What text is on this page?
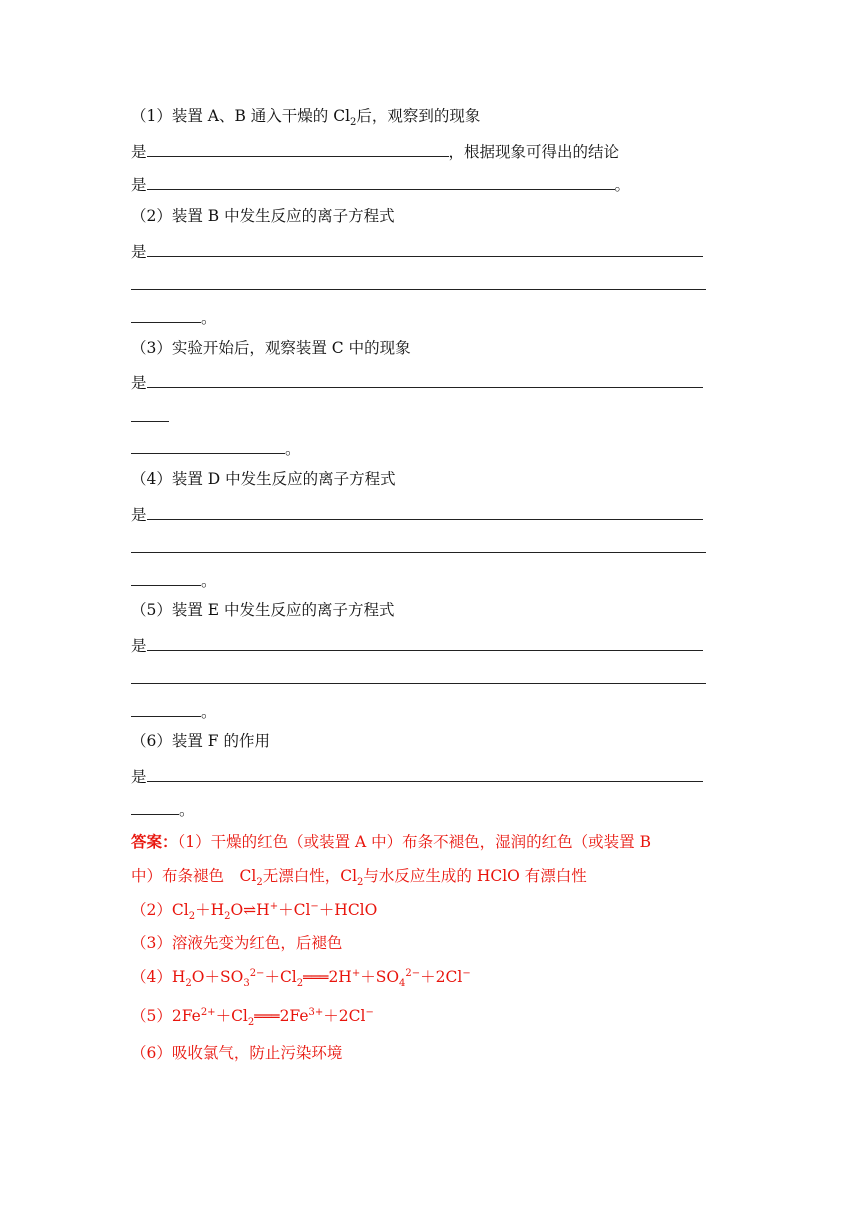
（1）装置 A、B 通入干燥的 $Cl_2$后，观察到的现象
是	，根据现象可得出的结论
是	。
（2）装置 B 中发生反应的离子方程式
是
。
（3）实验开始后，观察装置 C 中的现象
是
。
（4）装置 D 中发生反应的离子方程式
是
。
（5）装置 E 中发生反应的离子方程式
是
。
（6）装置 F 的作用
是
。
答案：（1）干燥的红色（或装置 A 中）布条不褪色，湿润的红色（或装置 B
中）布条褪色　$Cl_2$无漂白性，$Cl_2$与水反应生成的 HClO 有漂白性
$(2)Cl_2+H_2O\rightleftharpoons H^++Cl^-+HClO$
（3）溶液先变为红色，后褪色
$(4)H_2O+SO_3^{2-}+Cl_2═══2H^++SO_4^{2-}+2Cl^-$
$(5)2Fe^{2+}+Cl_2═══2Fe^{3+}+2Cl^-$
（6）吸收氯气，防止污染环境
